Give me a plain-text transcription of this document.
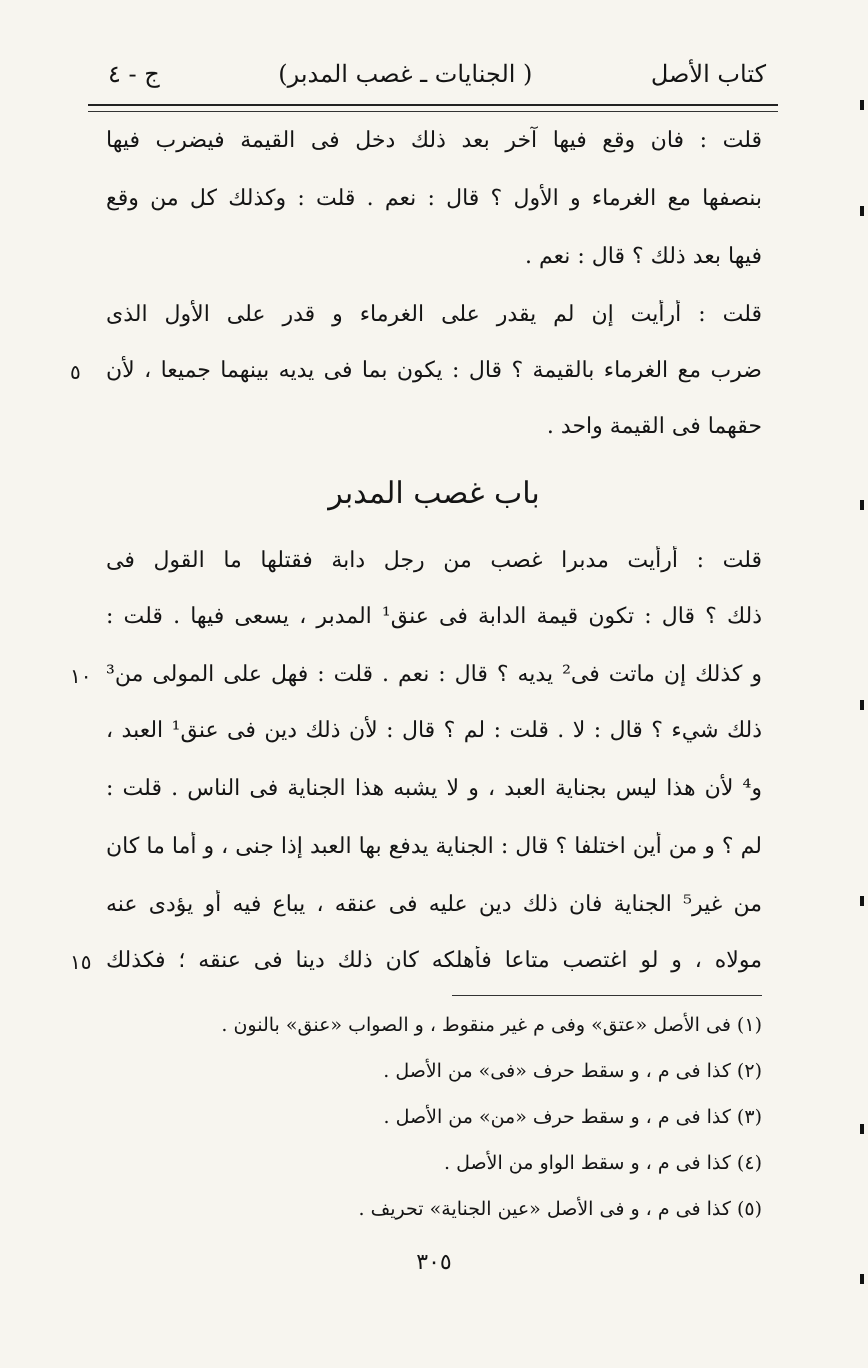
كتاب الأصل
( الجنايات ـ غصب المدبر)
ج - ٤
قلت : فان وقع فيها آخر بعد ذلك دخل فى القيمة فيضرب فيها
بنصفها مع الغرماء و الأول ؟ قال : نعم . قلت : وكذلك كل من وقع
فيها بعد ذلك ؟ قال : نعم .
قلت : أرأيت إن لم يقدر على الغرماء و قدر على الأول الذى
ضرب مع الغرماء بالقيمة ؟ قال : يكون بما فى يديه بينهما جميعا ، لأن
حقهما فى القيمة واحد .
باب غصب المدبر
قلت : أرأيت مدبرا غصب من رجل دابة فقتلها ما القول فى
ذلك ؟ قال : تكون قيمة الدابة فى عنق¹ المدبر ، يسعى فيها . قلت :
و كذلك إن ماتت فى² يديه ؟ قال : نعم . قلت : فهل على المولى من³
ذلك شيء ؟ قال : لا . قلت : لم ؟ قال : لأن ذلك دين فى عنق¹ العبد ،
و⁴ لأن هذا ليس بجناية العبد ، و لا يشبه هذا الجناية فى الناس . قلت :
لم ؟ و من أين اختلفا ؟ قال : الجناية يدفع بها العبد إذا جنى ، و أما ما كان
من غير⁵ الجناية فان ذلك دين عليه فى عنقه ، يباع فيه أو يؤدى عنه
مولاه ، و لو اغتصب متاعا فأهلكه كان ذلك دينا فى عنقه ؛ فكذلك
٥
١٠
١٥
(١) فى الأصل «عتق» وفى م غير منقوط ، و الصواب «عنق» بالنون .
(٢) كذا فى م ، و سقط حرف «فى» من الأصل .
(٣) كذا فى م ، و سقط حرف «من» من الأصل .
(٤) كذا فى م ، و سقط الواو من الأصل .
(٥) كذا فى م ، و فى الأصل «عين الجناية» تحريف .
٣٠٥
